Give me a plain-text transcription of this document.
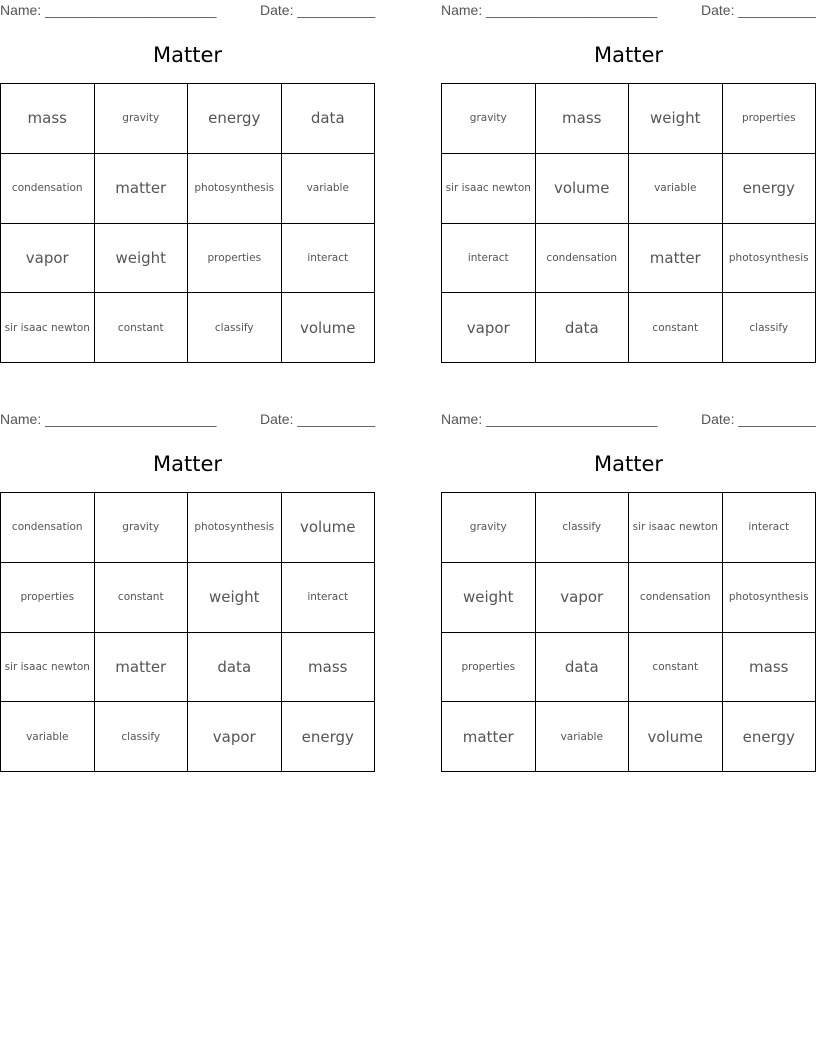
Name: ______________________	Date: __________
Matter
mass	gravity	energy	data
condensation	matter	photosynthesis	variable
vapor	weight	properties	interact
sir isaac newton	constant	classify	volume
Name: ______________________	Date: __________
Matter
gravity	mass	weight	properties
sir isaac newton	volume	variable	energy
interact	condensation	matter	photosynthesis
vapor	data	constant	classify
Name: ______________________	Date: __________
Matter
condensation	gravity	photosynthesis	volume
properties	constant	weight	interact
sir isaac newton	matter	data	mass
variable	classify	vapor	energy
Name: ______________________	Date: __________
Matter
gravity	classify	sir isaac newton	interact
weight	vapor	condensation	photosynthesis
properties	data	constant	mass
matter	variable	volume	energy
